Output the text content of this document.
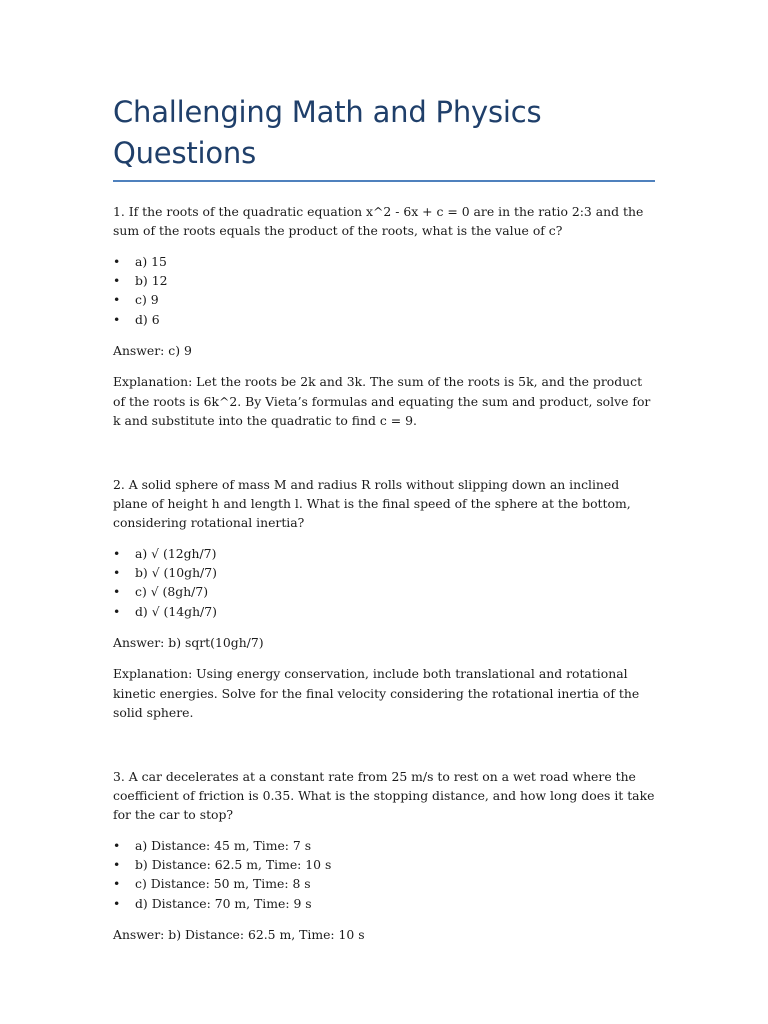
Challenging Math and Physics Questions

1. If the roots of the quadratic equation x^2 - 6x + c = 0 are in the ratio 2:3 and the sum of the roots equals the product of the roots, what is the value of c?

• a) 15
• b) 12
• c) 9
• d) 6

Answer: c) 9

Explanation: Let the roots be 2k and 3k. The sum of the roots is 5k, and the product of the roots is 6k^2. By Vieta’s formulas and equating the sum and product, solve for k and substitute into the quadratic to find c = 9.

2. A solid sphere of mass M and radius R rolls without slipping down an inclined plane of height h and length l. What is the final speed of the sphere at the bottom, considering rotational inertia?

• a) √ (12gh/7)
• b) √ (10gh/7)
• c) √ (8gh/7)
• d) √ (14gh/7)

Answer: b) sqrt(10gh/7)

Explanation: Using energy conservation, include both translational and rotational kinetic energies. Solve for the final velocity considering the rotational inertia of the solid sphere.

3. A car decelerates at a constant rate from 25 m/s to rest on a wet road where the coefficient of friction is 0.35. What is the stopping distance, and how long does it take for the car to stop?

• a) Distance: 45 m, Time: 7 s
• b) Distance: 62.5 m, Time: 10 s
• c) Distance: 50 m, Time: 8 s
• d) Distance: 70 m, Time: 9 s

Answer: b) Distance: 62.5 m, Time: 10 s
